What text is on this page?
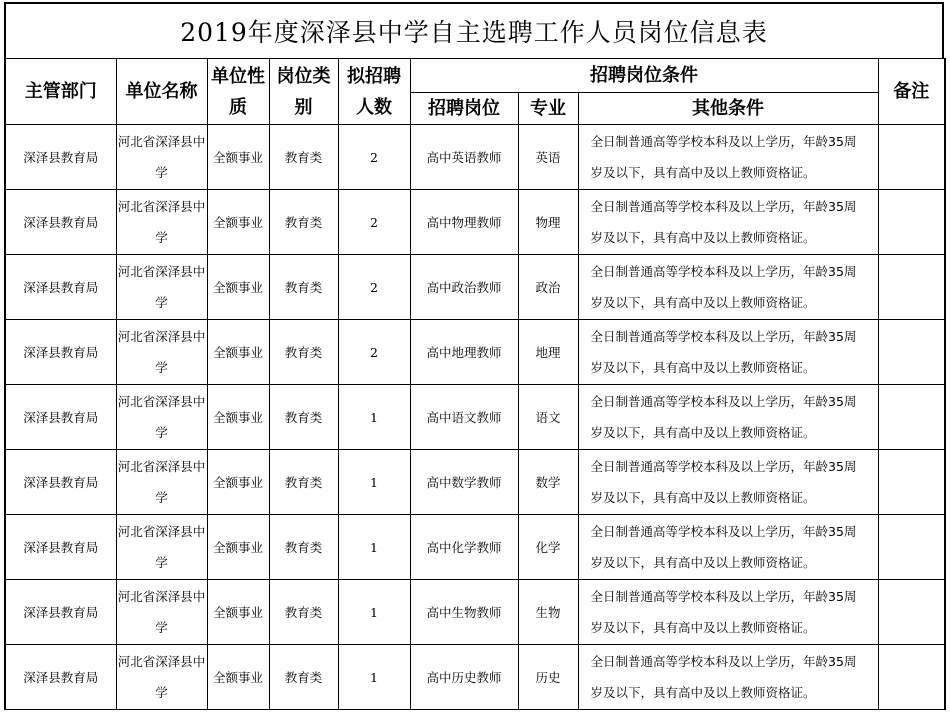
2019年度深泽县中学自主选聘工作人员岗位信息表
主管部门	单位名称	单位性质	岗位类别	拟招聘人数	招聘岗位条件			备注
					招聘岗位	专业	其他条件	
深泽县教育局	河北省深泽县中学	全额事业	教育类	2	高中英语教师	英语	全日制普通高等学校本科及以上学历，年龄35周岁及以下，具有高中及以上教师资格证。	
深泽县教育局	河北省深泽县中学	全额事业	教育类	2	高中物理教师	物理	全日制普通高等学校本科及以上学历，年龄35周岁及以下，具有高中及以上教师资格证。	
深泽县教育局	河北省深泽县中学	全额事业	教育类	2	高中政治教师	政治	全日制普通高等学校本科及以上学历，年龄35周岁及以下，具有高中及以上教师资格证。	
深泽县教育局	河北省深泽县中学	全额事业	教育类	2	高中地理教师	地理	全日制普通高等学校本科及以上学历，年龄35周岁及以下，具有高中及以上教师资格证。	
深泽县教育局	河北省深泽县中学	全额事业	教育类	1	高中语文教师	语文	全日制普通高等学校本科及以上学历，年龄35周岁及以下，具有高中及以上教师资格证。	
深泽县教育局	河北省深泽县中学	全额事业	教育类	1	高中数学教师	数学	全日制普通高等学校本科及以上学历，年龄35周岁及以下，具有高中及以上教师资格证。	
深泽县教育局	河北省深泽县中学	全额事业	教育类	1	高中化学教师	化学	全日制普通高等学校本科及以上学历，年龄35周岁及以下，具有高中及以上教师资格证。	
深泽县教育局	河北省深泽县中学	全额事业	教育类	1	高中生物教师	生物	全日制普通高等学校本科及以上学历，年龄35周岁及以下，具有高中及以上教师资格证。	
深泽县教育局	河北省深泽县中学	全额事业	教育类	1	高中历史教师	历史	全日制普通高等学校本科及以上学历，年龄35周岁及以下，具有高中及以上教师资格证。	
